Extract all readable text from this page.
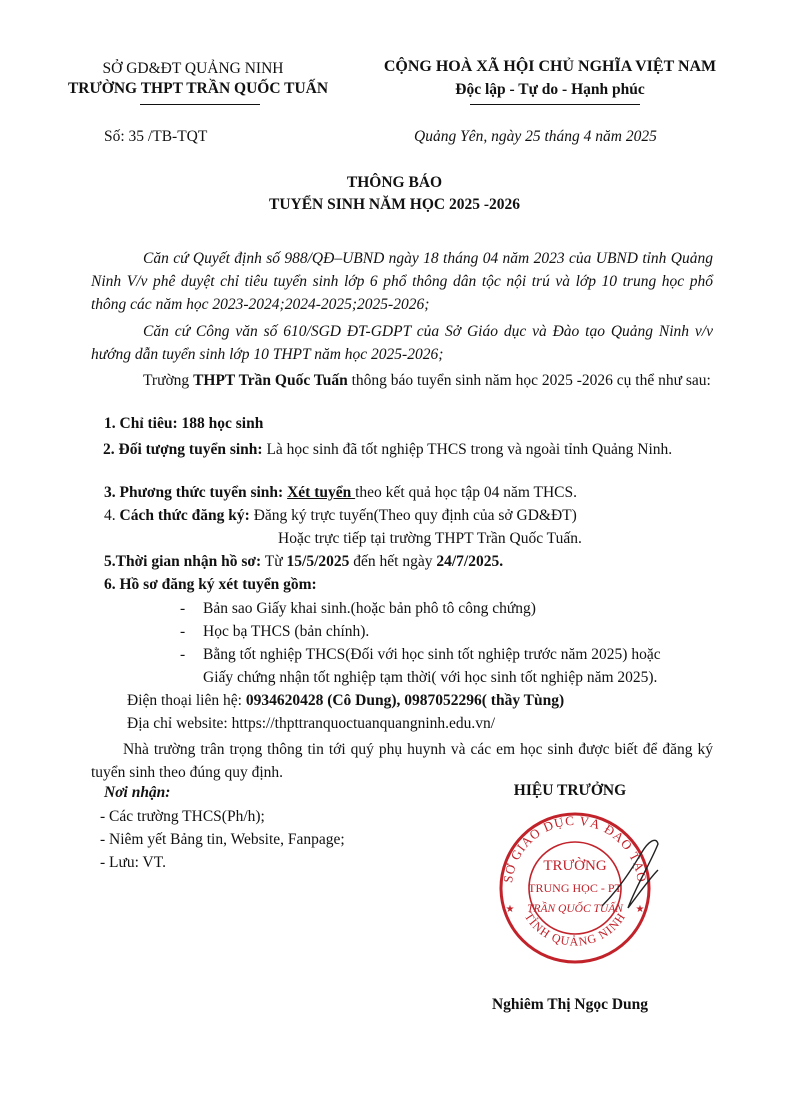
SỞ GD&ĐT QUẢNG NINH
TRƯỜNG THPT TRẦN QUỐC TUẤN
CỘNG HOÀ XÃ HỘI CHỦ NGHĨA VIỆT NAM
Độc lập - Tự do - Hạnh phúc
Số: 35 /TB-TQT	Quảng Yên, ngày 25 tháng 4 năm 2025
THÔNG BÁO
TUYỂN SINH NĂM HỌC 2025 -2026
Căn cứ Quyết định số 988/QĐ–UBND ngày 18 tháng 04 năm 2023 của UBND tỉnh Quảng Ninh V/v phê duyệt chỉ tiêu tuyển sinh lớp 6 phổ thông dân tộc nội trú và lớp 10 trung học phổ thông các năm học 2023-2024;2024-2025;2025-2026;
Căn cứ Công văn số 610/SGD ĐT-GDPT của Sở Giáo dục và Đào tạo Quảng Ninh v/v hướng dẫn tuyển sinh lớp 10 THPT năm học 2025-2026;
Trường THPT Trần Quốc Tuấn thông báo tuyển sinh năm học 2025 -2026 cụ thể như sau:
1. Chỉ tiêu: 188 học sinh
2. Đối tượng tuyển sinh: Là học sinh đã tốt nghiệp THCS trong và ngoài tỉnh Quảng Ninh.
3. Phương thức tuyển sinh: Xét tuyển theo kết quả học tập 04 năm THCS.
4. Cách thức đăng ký: Đăng ký trực tuyến(Theo quy định của sở GD&ĐT)
Hoặc trực tiếp tại trường THPT Trần Quốc Tuấn.
5.Thời gian nhận hồ sơ: Từ 15/5/2025 đến hết ngày 24/7/2025.
6. Hồ sơ đăng ký xét tuyển gồm:
- Bản sao Giấy khai sinh.(hoặc bản phô tô công chứng)
- Học bạ THCS (bản chính).
- Bằng tốt nghiệp THCS(Đối với học sinh tốt nghiệp trước năm 2025) hoặc
Giấy chứng nhận tốt nghiệp tạm thời( với học sinh tốt nghiệp năm 2025).
Điện thoại liên hệ: 0934620428 (Cô Dung), 0987052296( thầy Tùng)
Địa chỉ website: https://thpttranquoctuanquangninh.edu.vn/
Nhà trường trân trọng thông tin tới quý phụ huynh và các em học sinh được biết để đăng ký tuyển sinh theo đúng quy định.
Nơi nhận:
- Các trường THCS(Ph/h);
- Niêm yết Bảng tin, Website, Fanpage;
- Lưu: VT.
HIỆU TRƯỞNG
SỞ GIÁO DỤC VÀ ĐÀO TẠO
TỈNH QUẢNG NINH
TRƯỜNG
TRUNG HỌC - PT
TRẦN QUỐC TUẤN
★	★
Nghiêm Thị Ngọc Dung
